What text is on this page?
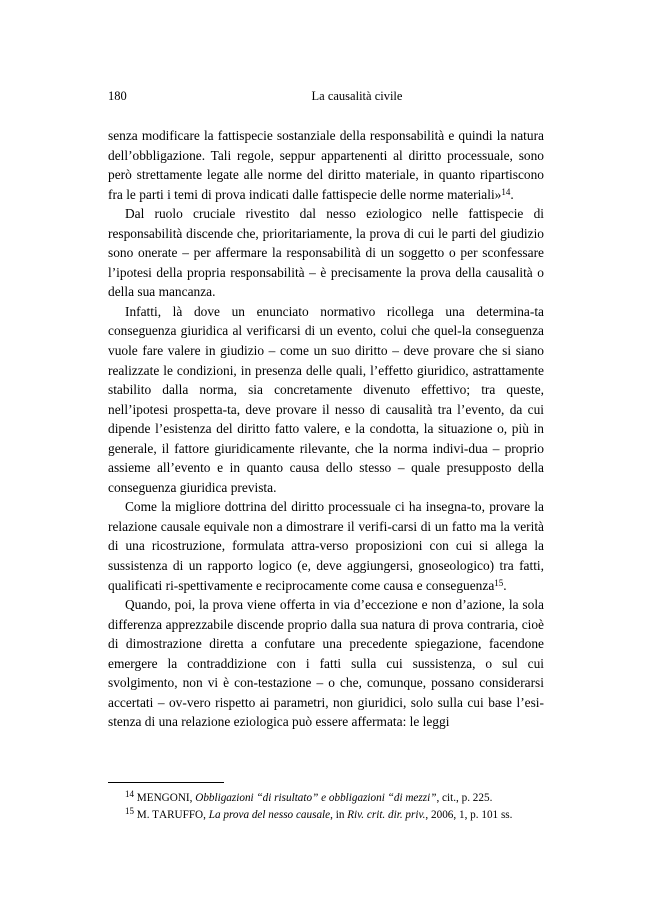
180	La causalità civile

senza modificare la fattispecie sostanziale della responsabilità e quindi la natura dell’obbligazione. Tali regole, seppur appartenenti al diritto processuale, sono però strettamente legate alle norme del diritto materiale, in quanto ripartiscono fra le parti i temi di prova indicati dalle fattispecie delle norme materiali»$^{14}$.

Dal ruolo cruciale rivestito dal nesso eziologico nelle fattispecie di responsabilità discende che, prioritariamente, la prova di cui le parti del giudizio sono onerate – per affermare la responsabilità di un soggetto o per sconfessare l’ipotesi della propria responsabilità – è precisamente la prova della causalità o della sua mancanza.

Infatti, là dove un enunciato normativo ricollega una determina-ta conseguenza giuridica al verificarsi di un evento, colui che quel-la conseguenza vuole fare valere in giudizio – come un suo diritto – deve provare che si siano realizzate le condizioni, in presenza delle quali, l’effetto giuridico, astrattamente stabilito dalla norma, sia concretamente divenuto effettivo; tra queste, nell’ipotesi prospetta-ta, deve provare il nesso di causalità tra l’evento, da cui dipende l’esistenza del diritto fatto valere, e la condotta, la situazione o, più in generale, il fattore giuridicamente rilevante, che la norma indivi-dua – proprio assieme all’evento e in quanto causa dello stesso – quale presupposto della conseguenza giuridica prevista.

Come la migliore dottrina del diritto processuale ci ha insegna-to, provare la relazione causale equivale non a dimostrare il verifi-carsi di un fatto ma la verità di una ricostruzione, formulata attra-verso proposizioni con cui si allega la sussistenza di un rapporto logico (e, deve aggiungersi, gnoseologico) tra fatti, qualificati ri-spettivamente e reciprocamente come causa e conseguenza$^{15}$.

Quando, poi, la prova viene offerta in via d’eccezione e non d’azione, la sola differenza apprezzabile discende proprio dalla sua natura di prova contraria, cioè di dimostrazione diretta a confutare una precedente spiegazione, facendone emergere la contraddizione con i fatti sulla cui sussistenza, o sul cui svolgimento, non vi è con-testazione – o che, comunque, possano considerarsi accertati – ov-vero rispetto ai parametri, non giuridici, solo sulla cui base l’esi-stenza di una relazione eziologica può essere affermata: le leggi

$^{14}$ MENGONI, Obbligazioni “di risultato” e obbligazioni “di mezzi”, cit., p. 225.

$^{15}$ M. TARUFFO, La prova del nesso causale, in Riv. crit. dir. priv., 2006, 1, p. 101 ss.
